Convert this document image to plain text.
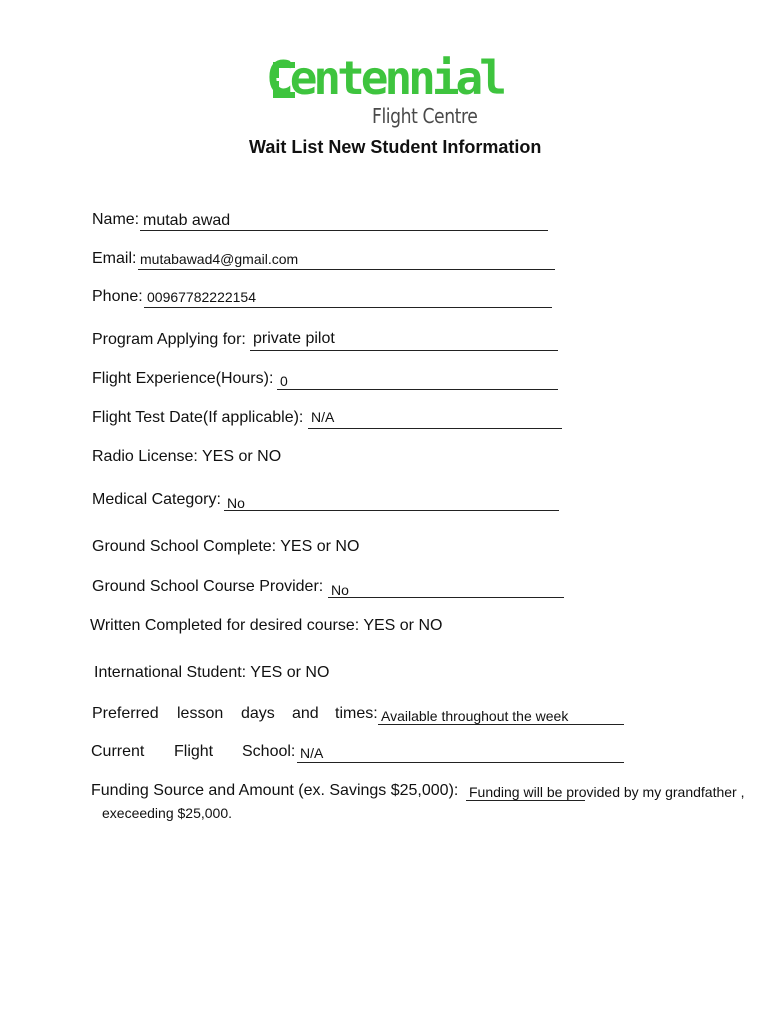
Centennial
Flight Centre
Wait List New Student Information
Name: mutab awad
Email: mutabawad4@gmail.com
Phone: 00967782222154
Program Applying for: private pilot
Flight Experience(Hours): 0
Flight Test Date(If applicable): N/A
Radio License: YES or NO
Medical Category: No
Ground School Complete: YES or NO
Ground School Course Provider: No
Written Completed for desired course: YES or NO
International Student: YES or NO
Preferred lesson days and times: Available throughout the week
Current Flight School: N/A
Funding Source and Amount (ex. Savings $25,000): Funding will be provided by my grandfather ,
execeeding $25,000.
